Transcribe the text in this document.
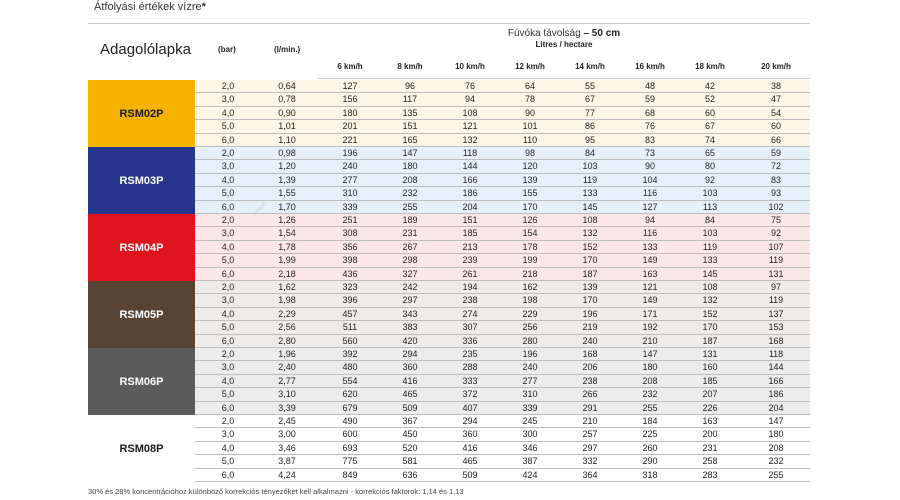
Átfolyási értékek vízre*
Adagolólapka	(bar)	(l/min.)
Fúvóka távolság – 50 cm
Litres / hectare
6 km/h	8 km/h	10 km/h	12 km/h	14 km/h	16 km/h	18 km/h	20 km/h
RSM02P
2,0	0,64	127	96	76	64	55	48	42	38
3,0	0,78	156	117	94	78	67	59	52	47
4,0	0,90	180	135	108	90	77	68	60	54
5,0	1,01	201	151	121	101	86	76	67	60
6,0	1,10	221	165	132	110	95	83	74	66
RSM03P
2,0	0,98	196	147	118	98	84	73	65	59
3,0	1,20	240	180	144	120	103	90	80	72
4,0	1,39	277	208	166	139	119	104	92	83
5,0	1,55	310	232	186	155	133	116	103	93
6,0	1,70	339	255	204	170	145	127	113	102
RSM04P
2,0	1,26	251	189	151	126	108	94	84	75
3,0	1,54	308	231	185	154	132	116	103	92
4,0	1,78	356	267	213	178	152	133	119	107
5,0	1,99	398	298	239	199	170	149	133	119
6,0	2,18	436	327	261	218	187	163	145	131
RSM05P
2,0	1,62	323	242	194	162	139	121	108	97
3,0	1,98	396	297	238	198	170	149	132	119
4,0	2,29	457	343	274	229	196	171	152	137
5,0	2,56	511	383	307	256	219	192	170	153
6,0	2,80	560	420	336	280	240	210	187	168
RSM06P
2,0	1,96	392	294	235	196	168	147	131	118
3,0	2,40	480	360	288	240	206	180	160	144
4,0	2,77	554	416	333	277	238	208	185	166
5,0	3,10	620	465	372	310	266	232	207	186
6,0	3,39	679	509	407	339	291	255	226	204
RSM08P
2,0	2,45	490	367	294	245	210	184	163	147
3,0	3,00	600	450	360	300	257	225	200	180
4,0	3,46	693	520	416	346	297	260	231	208
5,0	3,87	775	581	465	387	332	290	258	232
6,0	4,24	849	636	509	424	364	318	283	255
~
30% és 28% koncentrációhoz különböző korrekciós tényezőket kell alkalmazni - korrekciós faktorok: 1,14 és 1,13
